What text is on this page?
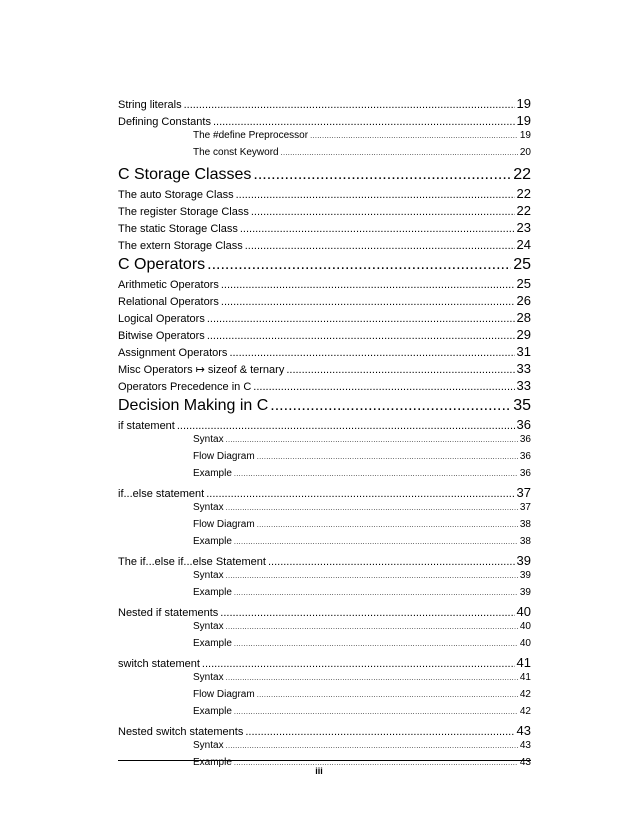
String literals .....	19
Defining Constants .....	19
The #define Preprocessor .....	19
The const Keyword .....	20
C Storage Classes .....	22
The auto Storage Class .....	22
The register Storage Class .....	22
The static Storage Class .....	23
The extern Storage Class .....	24
C Operators .....	25
Arithmetic Operators .....	25
Relational Operators .....	26
Logical Operators .....	28
Bitwise Operators .....	29
Assignment Operators .....	31
Misc Operators ↦ sizeof & ternary .....	33
Operators Precedence in C .....	33
Decision Making in C .....	35
if statement .....	36
Syntax .....	36
Flow Diagram .....	36
Example .....	36
if...else statement .....	37
Syntax .....	37
Flow Diagram .....	38
Example .....	38
The if...else if...else Statement .....	39
Syntax .....	39
Example .....	39
Nested if statements .....	40
Syntax .....	40
Example .....	40
switch statement .....	41
Syntax .....	41
Flow Diagram .....	42
Example .....	42
Nested switch statements .....	43
Syntax .....	43
Example .....	43
iii
